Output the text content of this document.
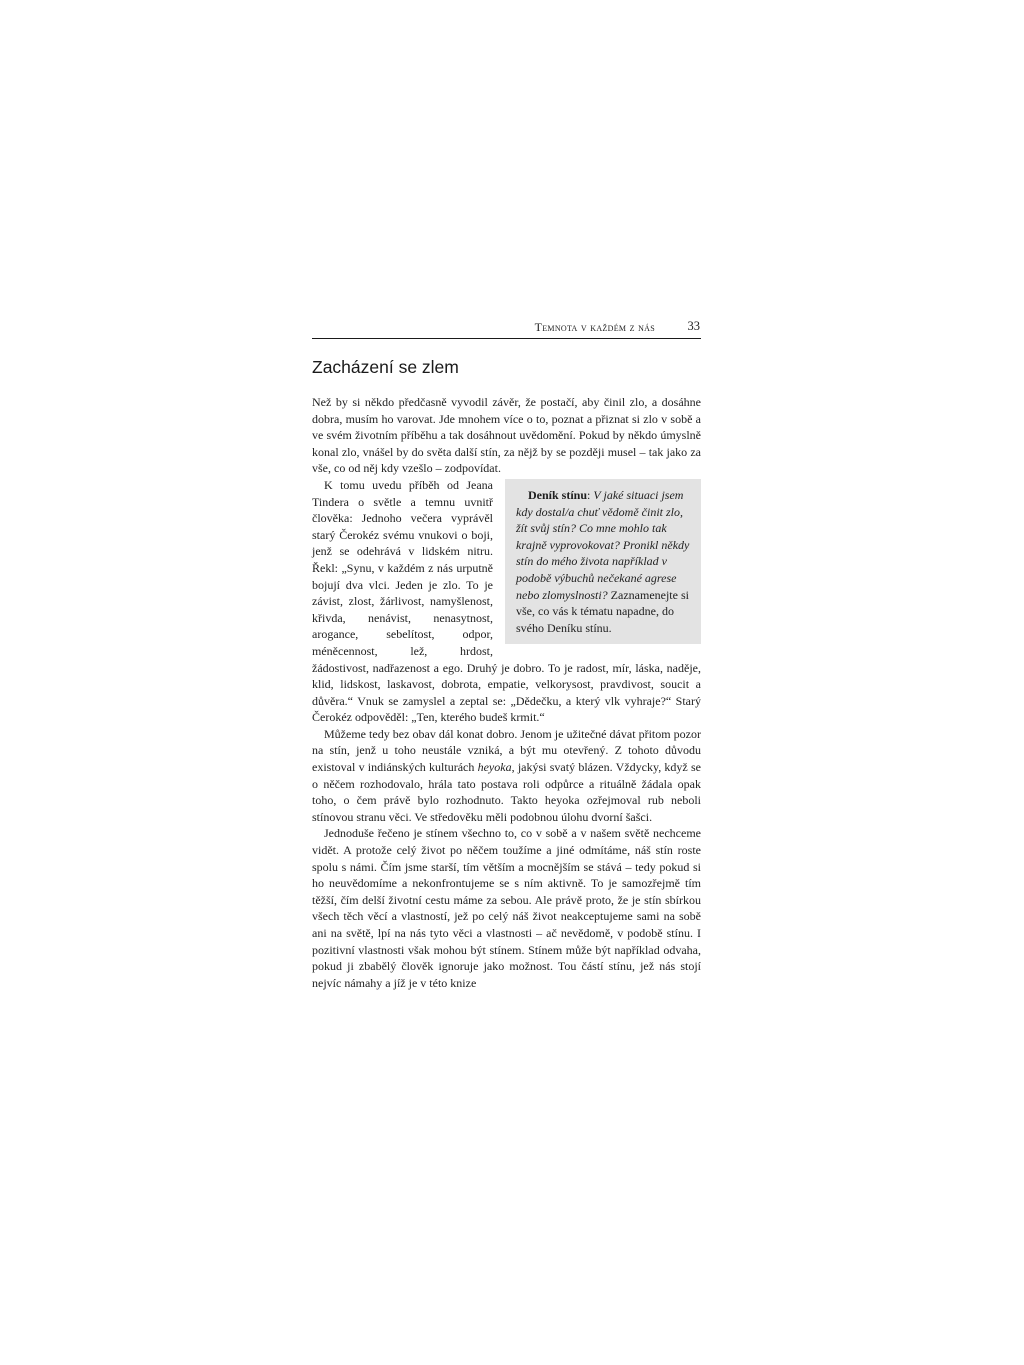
Temnota v každém z nás	33
Zacházení se zlem

Než by si někdo předčasně vyvodil závěr, že postačí, aby činil zlo, a dosáhne dobra, musím ho varovat. Jde mnohem více o to, poznat a přiznat si zlo v sobě a ve svém životním příběhu a tak dosáhnout uvědomění. Pokud by někdo úmyslně konal zlo, vnášel by do světa další stín, za nějž by se později musel – tak jako za vše, co od něj kdy vzešlo – zodpovídat.

Deník stínu: V jaké situaci jsem kdy dostal/a chuť vědomě činit zlo, žít svůj stín? Co mne mohlo tak krajně vyprovokovat? Pronikl někdy stín do mého života například v podobě výbuchů nečekané agrese nebo zlomyslnosti? Zaznamenejte si vše, co vás k tématu napadne, do svého Deníku stínu.
K tomu uvedu příběh od Jeana Tindera o světle a temnu uvnitř člověka: Jednoho večera vyprávěl starý Čerokéz svému vnukovi o boji, jenž se odehrává v lidském nitru. Řekl: „Synu, v každém z nás urputně bojují dva vlci. Jeden je zlo. To je závist, zlost, žárlivost, namyšlenost, křivda, nenávist, nenasytnost, arogance, sebelítost, odpor, méněcennost, lež, hrdost, žádostivost, nadřazenost a ego. Druhý je dobro. To je radost, mír, láska, naděje, klid, lidskost, laskavost, dobrota, empatie, velkorysost, pravdivost, soucit a důvěra.“ Vnuk se zamyslel a zeptal se: „Dědečku, a který vlk vyhraje?“ Starý Čerokéz odpověděl: „Ten, kterého budeš krmit.“

Můžeme tedy bez obav dál konat dobro. Jenom je užitečné dávat přitom pozor na stín, jenž u toho neustále vzniká, a být mu otevřený. Z tohoto důvodu existoval v indiánských kulturách heyoka, jakýsi svatý blázen. Vždycky, když se o něčem rozhodovalo, hrála tato postava roli odpůrce a rituálně žádala opak toho, o čem právě bylo rozhodnuto. Takto heyoka ozřejmoval rub neboli stínovou stranu věci. Ve středověku měli podobnou úlohu dvorní šašci.

Jednoduše řečeno je stínem všechno to, co v sobě a v našem světě nechceme vidět. A protože celý život po něčem toužíme a jiné odmítáme, náš stín roste spolu s námi. Čím jsme starší, tím větším a mocnějším se stává – tedy pokud si ho neuvědomíme a nekonfrontujeme se s ním aktivně. To je samozřejmě tím těžší, čím delší životní cestu máme za sebou. Ale právě proto, že je stín sbírkou všech těch věcí a vlastností, jež po celý náš život neakceptujeme sami na sobě ani na světě, lpí na nás tyto věci a vlastnosti – ač nevědomě, v podobě stínu. I pozitivní vlastnosti však mohou být stínem. Stínem může být například odvaha, pokud ji zbabělý člověk ignoruje jako možnost. Tou částí stínu, jež nás stojí nejvíc námahy a jíž je v této knize
